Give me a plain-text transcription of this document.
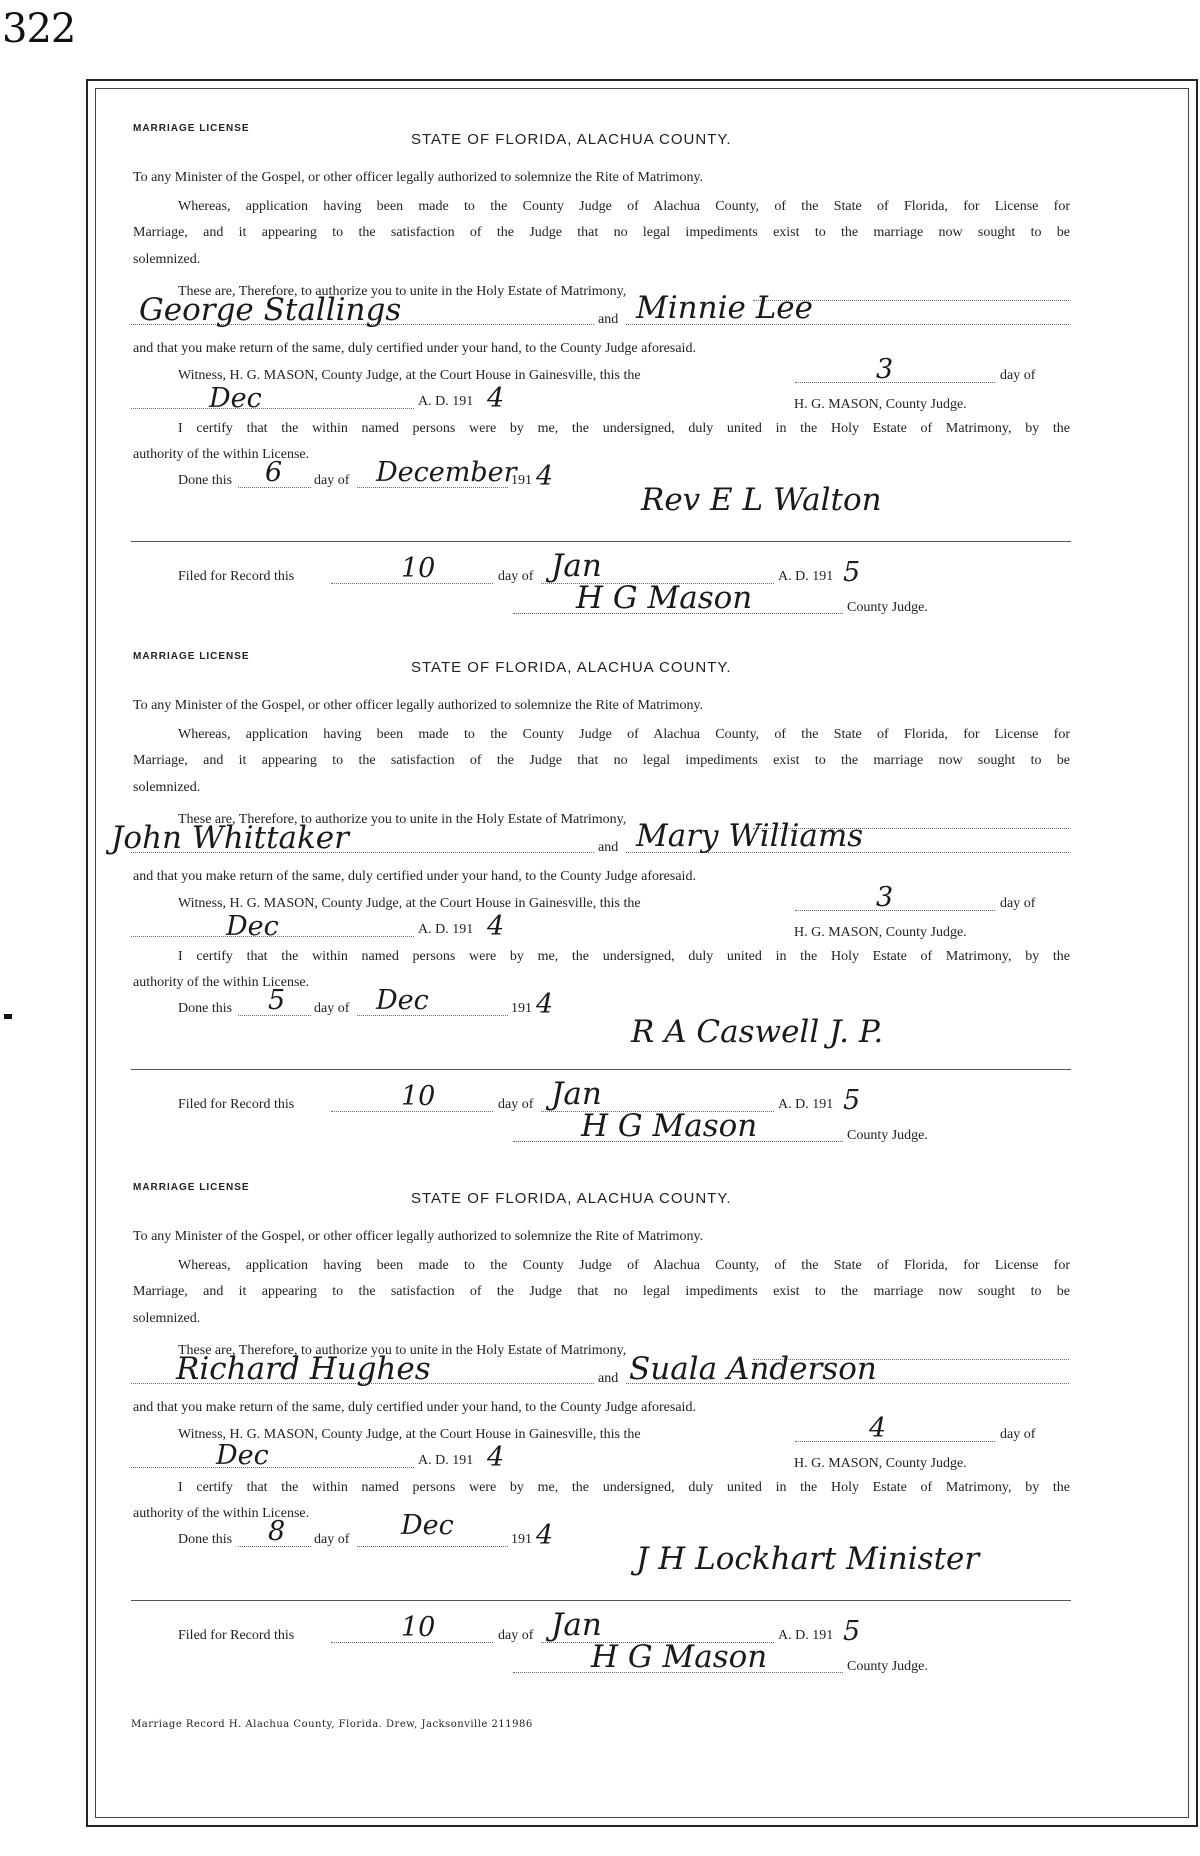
322
MARRIAGE LICENSE
STATE OF FLORIDA, ALACHUA COUNTY.
To any Minister of the Gospel, or other officer legally authorized to solemnize the Rite of Matrimony.
Whereas, application having been made to the County Judge of Alachua County, of the State of Florida, for License for
Marriage, and it appearing to the satisfaction of the Judge that no legal impediments exist to the marriage now sought to be
solemnized.
These are, Therefore, to authorize you to unite in the Holy Estate of Matrimony,
George Stallings	and Minnie Lee
and that you make return of the same, duly certified under your hand, to the County Judge aforesaid.
Witness, H. G. MASON, County Judge, at the Court House in Gainesville, this the	3	day of
Dec	A. D. 191 4	H. G. MASON, County Judge.
I certify that the within named persons were by me, the undersigned, duly united in the Holy Estate of Matrimony, by the
authority of the within License.
Done this 6 day of December
191 4
Rev E L Walton
Filed for Record this	10	day of Jan	A. D. 191 5
H G Mason	County Judge.
MARRIAGE LICENSE
STATE OF FLORIDA, ALACHUA COUNTY.
To any Minister of the Gospel, or other officer legally authorized to solemnize the Rite of Matrimony.
Whereas, application having been made to the County Judge of Alachua County, of the State of Florida, for License for
Marriage, and it appearing to the satisfaction of the Judge that no legal impediments exist to the marriage now sought to be
solemnized.
These are, Therefore, to authorize you to unite in the Holy Estate of Matrimony,
John Whittaker	and Mary Williams
and that you make return of the same, duly certified under your hand, to the County Judge aforesaid.
Witness, H. G. MASON, County Judge, at the Court House in Gainesville, this the	3	day of
Dec	A. D. 191 4	H. G. MASON, County Judge.
I certify that the within named persons were by me, the undersigned, duly united in the Holy Estate of Matrimony, by the
authority of the within License.
Done this 5 day of Dec	191 4
R A Caswell J. P.
Filed for Record this	10	day of Jan	A. D. 191 5
H G Mason	County Judge.
MARRIAGE LICENSE
STATE OF FLORIDA, ALACHUA COUNTY.
To any Minister of the Gospel, or other officer legally authorized to solemnize the Rite of Matrimony.
Whereas, application having been made to the County Judge of Alachua County, of the State of Florida, for License for
Marriage, and it appearing to the satisfaction of the Judge that no legal impediments exist to the marriage now sought to be
solemnized.
These are, Therefore, to authorize you to unite in the Holy Estate of Matrimony,
Richard Hughes	and Suala Anderson
and that you make return of the same, duly certified under your hand, to the County Judge aforesaid.
Witness, H. G. MASON, County Judge, at the Court House in Gainesville, this the	4	day of
Dec	A. D. 191 4	H. G. MASON, County Judge.
I certify that the within named persons were by me, the undersigned, duly united in the Holy Estate of Matrimony, by the
authority of the within License.
Done this 8 day of Dec	191 4
J H Lockhart Minister
Filed for Record this	10	day of Jan	A. D. 191 5
H G Mason	County Judge.
Marriage Record H. Alachua County, Florida. Drew, Jacksonville 211986
